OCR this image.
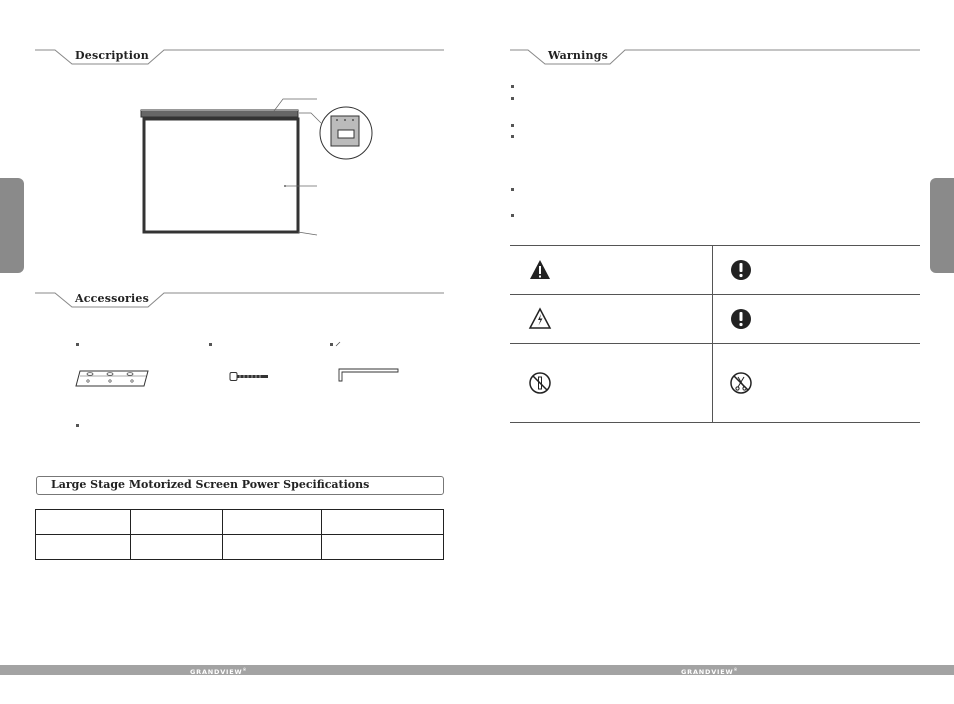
Description
Accessories
Warnings
Large Stage Motorized Screen Power Specifications

GRANDVIEW®	GRANDVIEW®
